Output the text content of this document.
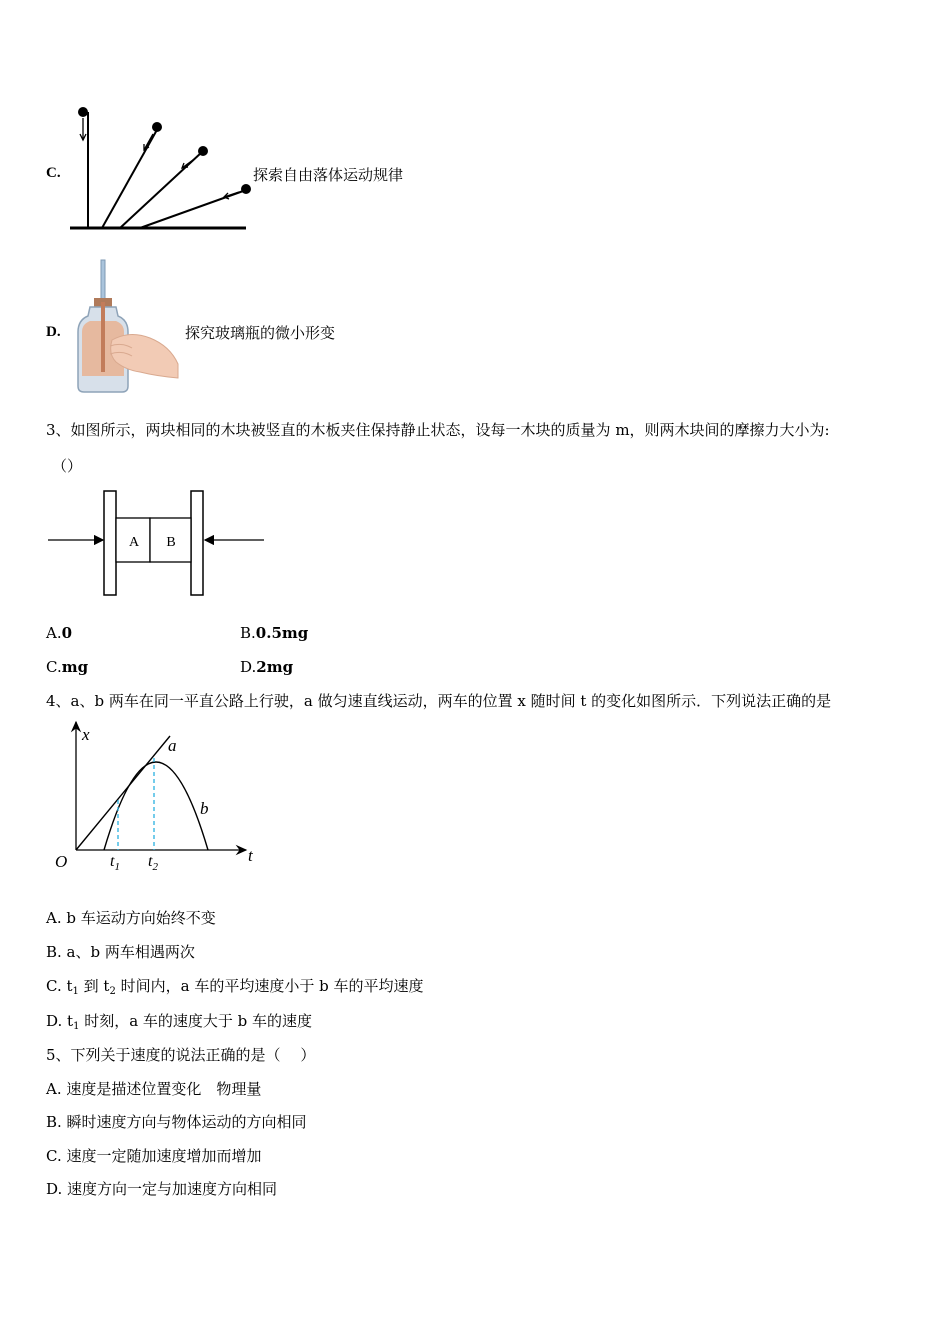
C.	探索自由落体运动规律
D.	探究玻璃瓶的微小形变
3、如图所示，两块相同的木块被竖直的木板夹住保持静止状态，设每一木块的质量为 m，则两木块间的摩擦力大小为:
（）
A B
A.0	B.0.5mg
C.mg	D.2mg
4、a、b 两车在同一平直公路上行驶，a 做匀速直线运动，两车的位置 x 随时间 t 的变化如图所示．下列说法正确的是
x
t
O
a
b
$t_1$ $t_2$
A. b 车运动方向始终不变
B. a、b 两车相遇两次
C. $t_1$ 到 $t_2$ 时间内，a 车的平均速度小于 b 车的平均速度
D. $t_1$ 时刻，a 车的速度大于 b 车的速度
5、下列关于速度的说法正确的是（　 ）
A. 速度是描述位置变化　物理量
B. 瞬时速度方向与物体运动的方向相同
C. 速度一定随加速度增加而增加
D. 速度方向一定与加速度方向相同
